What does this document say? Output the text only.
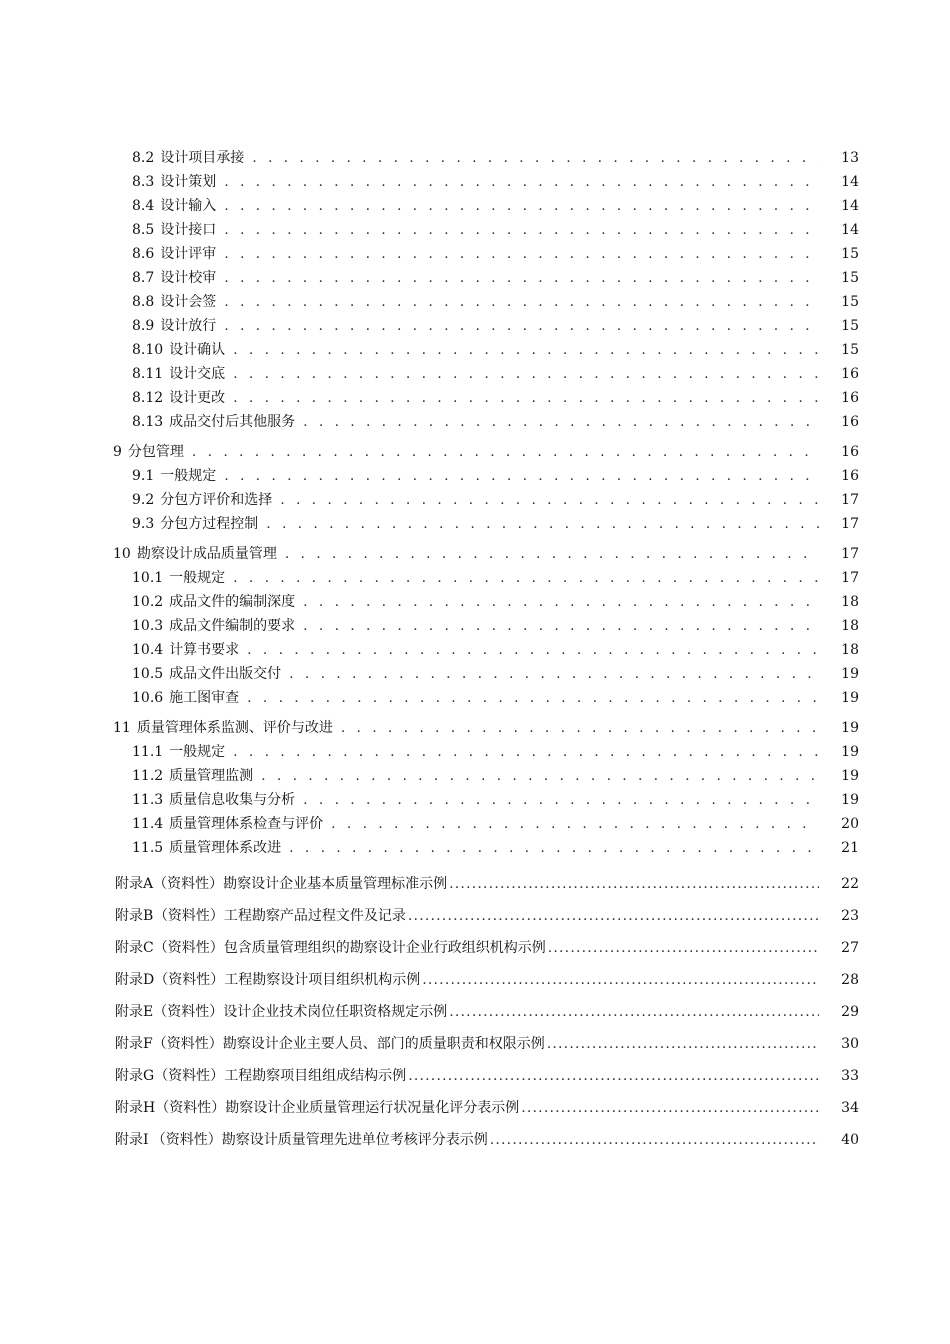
8.2 设计项目承接 . . .	13
8.3 设计策划 . . .	14
8.4 设计输入 . . .	14
8.5 设计接口 . . .	14
8.6 设计评审 . . .	15
8.7 设计校审 . . .	15
8.8 设计会签 . . .	15
8.9 设计放行 . . .	15
8.10 设计确认 . . .	15
8.11 设计交底 . . .	16
8.12 设计更改 . . .	16
8.13 成品交付后其他服务 . . .	16
9 分包管理 . . .	16
9.1 一般规定 . . .	16
9.2 分包方评价和选择 . . .	17
9.3 分包方过程控制 . . .	17
10 勘察设计成品质量管理 . . .	17
10.1 一般规定 . . .	17
10.2 成品文件的编制深度 . . .	18
10.3 成品文件编制的要求 . . .	18
10.4 计算书要求 . . .	18
10.5 成品文件出版交付 . . .	19
10.6 施工图审查 . . .	19
11 质量管理体系监测、评价与改进 . . .	19
11.1 一般规定 . . .	19
11.2 质量管理监测 . . .	19
11.3 质量信息收集与分析 . . .	19
11.4 质量管理体系检查与评价 . . .	20
11.5 质量管理体系改进 . . .	21
附 录 A （资料性） 勘察设计企业基本质量管理标准示例 .....	22
附 录 B （资料性） 工程勘察产品过程文件及记录 .....	23
附 录 C （资料性） 包含质量管理组织的勘察设计企业行政组织机构示例 .....	27
附 录 D （资料性） 工程勘察设计项目组织机构示例 .....	28
附 录 E （资料性） 设计企业技术岗位任职资格规定示例 .....	29
附 录 F （资料性） 勘察设计企业主要人员、部门的质量职责和权限示例 .....	30
附 录 G （资料性） 工程勘察项目组组成结构示例 .....	33
附 录 H （资料性） 勘察设计企业质量管理运行状况量化评分表示例 .....	34
附 录 I （资料性） 勘察设计质量管理先进单位考核评分表示例 .....	40
